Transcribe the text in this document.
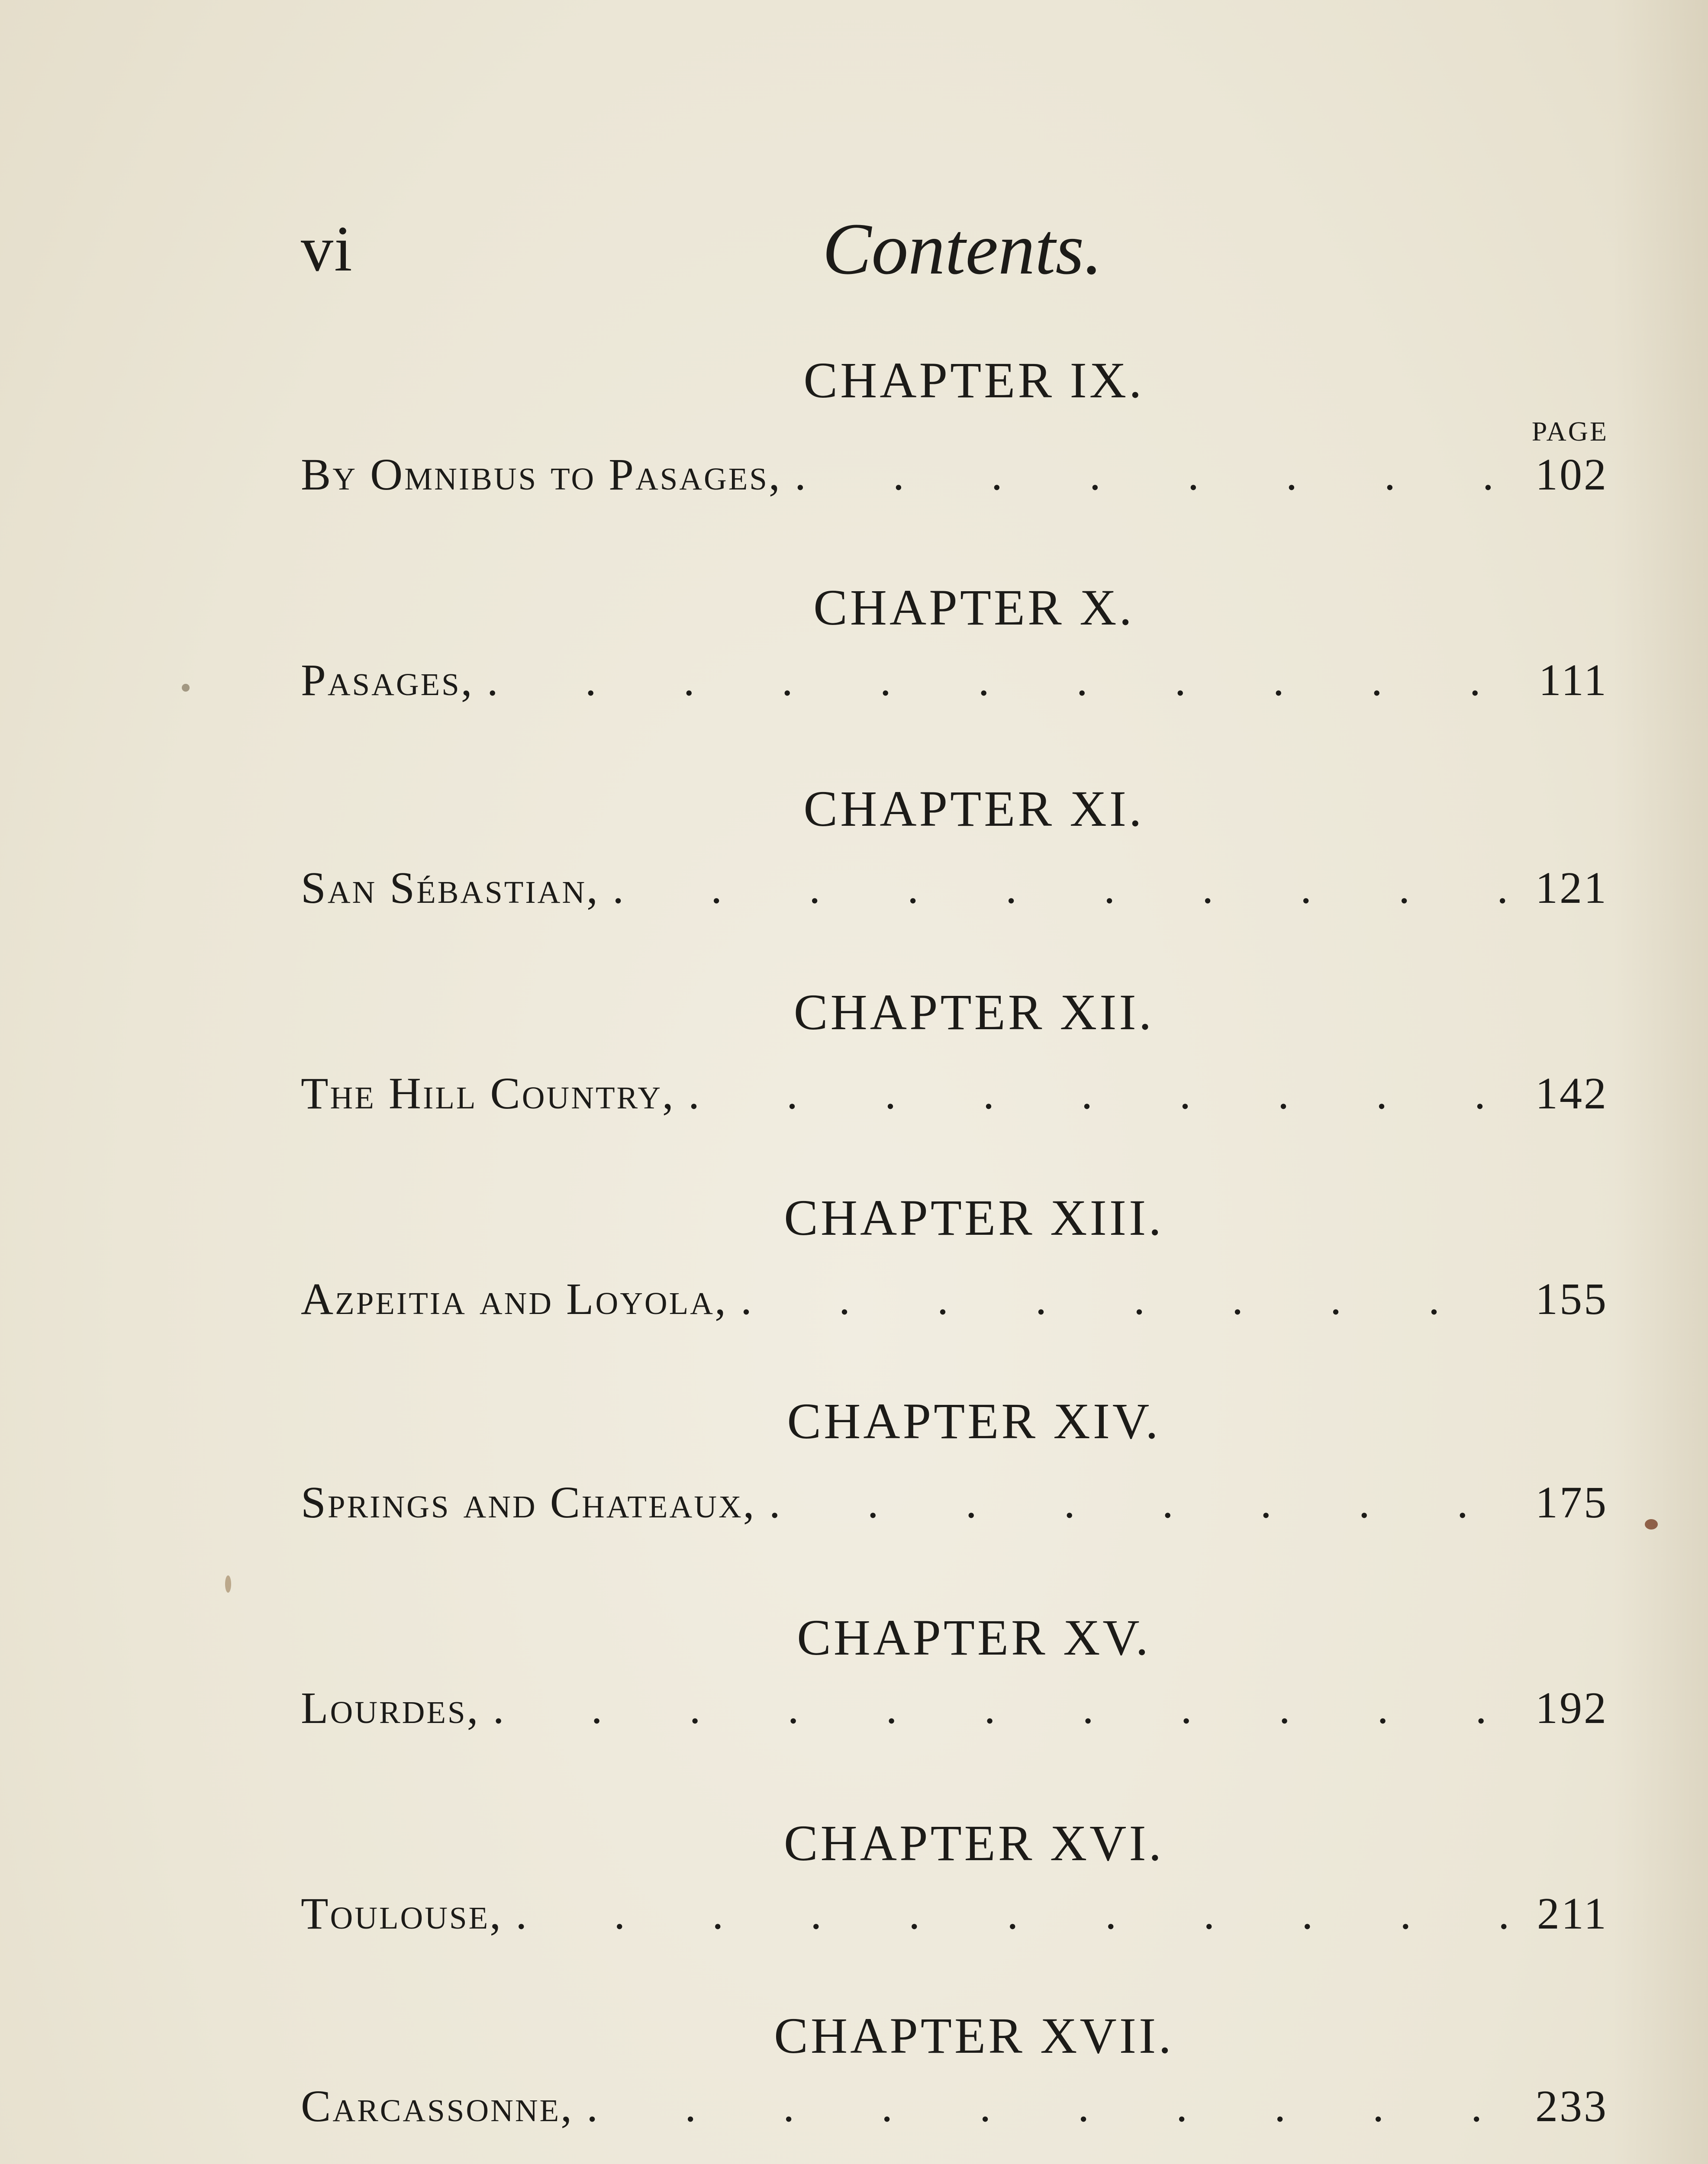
vi	Contents.
CHAPTER IX.
PAGE
By Omnibus to Pasages, . . .	102
CHAPTER X.
Pasages, . . .	111
CHAPTER XI.
San Sébastian, . . .	121
CHAPTER XII.
The Hill Country, . . .	142
CHAPTER XIII.
Azpeitia and Loyola, . . .	155
CHAPTER XIV.
Springs and Chateaux, . . .	175
CHAPTER XV.
Lourdes, . . .	192
CHAPTER XVI.
Toulouse, . . .	211
CHAPTER XVII.
Carcassonne, . . .	233
